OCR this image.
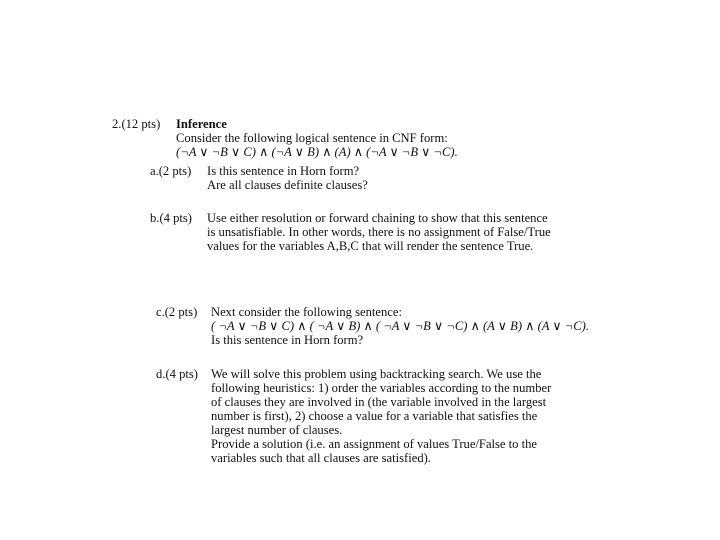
2.(12 pts) Inference
Consider the following logical sentence in CNF form:
(¬A ∨ ¬B ∨ C) ∧ (¬A ∨ B) ∧ (A) ∧ (¬A ∨ ¬B ∨ ¬C).
a.(2 pts) Is this sentence in Horn form?
Are all clauses definite clauses?
b.(4 pts) Use either resolution or forward chaining to show that this sentence
is unsatisfiable. In other words, there is no assignment of False/True
values for the variables A,B,C that will render the sentence True.
c.(2 pts) Next consider the following sentence:
( ¬A ∨ ¬B ∨ C) ∧ ( ¬A ∨ B) ∧ ( ¬A ∨ ¬B ∨ ¬C) ∧ (A ∨ B) ∧ (A ∨ ¬C).
Is this sentence in Horn form?
d.(4 pts) We will solve this problem using backtracking search. We use the
following heuristics: 1) order the variables according to the number
of clauses they are involved in (the variable involved in the largest
number is first), 2) choose a value for a variable that satisfies the
largest number of clauses.
Provide a solution (i.e. an assignment of values True/False to the
variables such that all clauses are satisfied).
